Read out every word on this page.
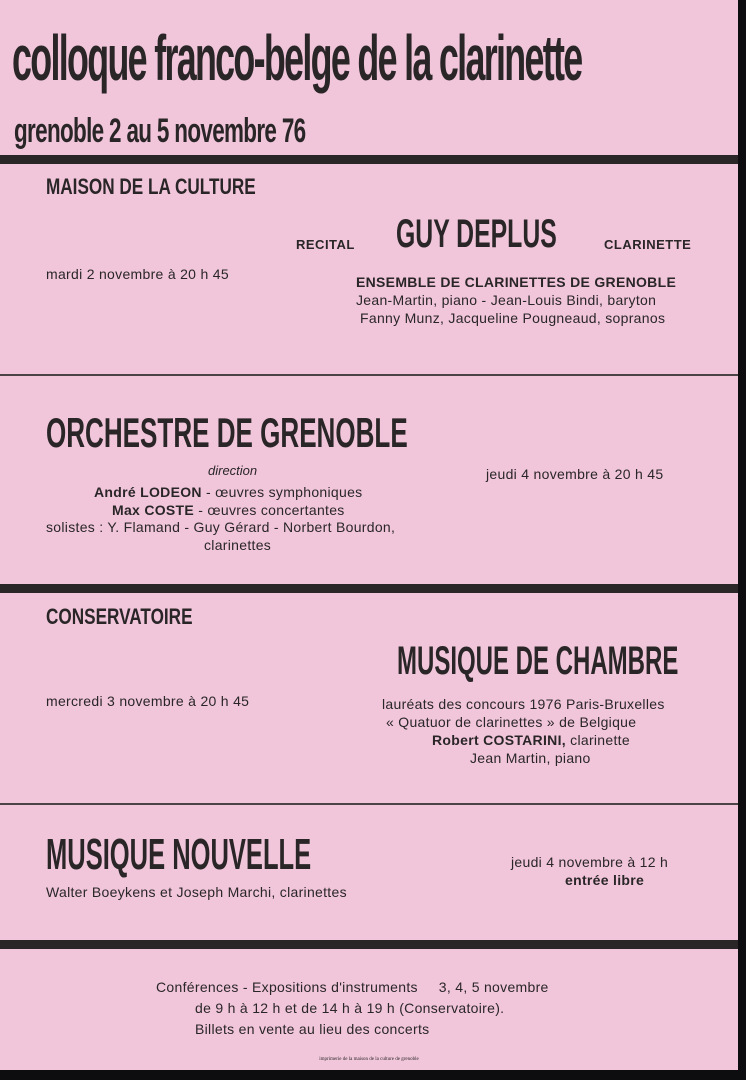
colloque franco-belge de la clarinette
grenoble 2 au 5 novembre 76
MAISON DE LA CULTURE
RECITAL GUY DEPLUS	CLARINETTE
mardi 2 novembre à 20 h 45	ENSEMBLE DE CLARINETTES DE GRENOBLE
Jean-Martin, piano - Jean-Louis Bindi, baryton
Fanny Munz, Jacqueline Pougneaud, sopranos
ORCHESTRE DE GRENOBLE
direction
André LODEON - œuvres symphoniques
Max COSTE - œuvres concertantes
solistes : Y. Flamand - Guy Gérard - Norbert Bourdon,
clarinettes
jeudi 4 novembre à 20 h 45
CONSERVATOIRE
MUSIQUE DE CHAMBRE
mercredi 3 novembre à 20 h 45	lauréats des concours 1976 Paris-Bruxelles
« Quatuor de clarinettes » de Belgique
Robert COSTARINI, clarinette
Jean Martin, piano
MUSIQUE NOUVELLE
Walter Boeykens et Joseph Marchi, clarinettes
jeudi 4 novembre à 12 h
entrée libre
Conférences - Expositions d'instruments     3, 4, 5 novembre
de 9 h à 12 h et de 14 h à 19 h (Conservatoire).
Billets en vente au lieu des concerts
imprimerie de la maison de la culture de grenoble
